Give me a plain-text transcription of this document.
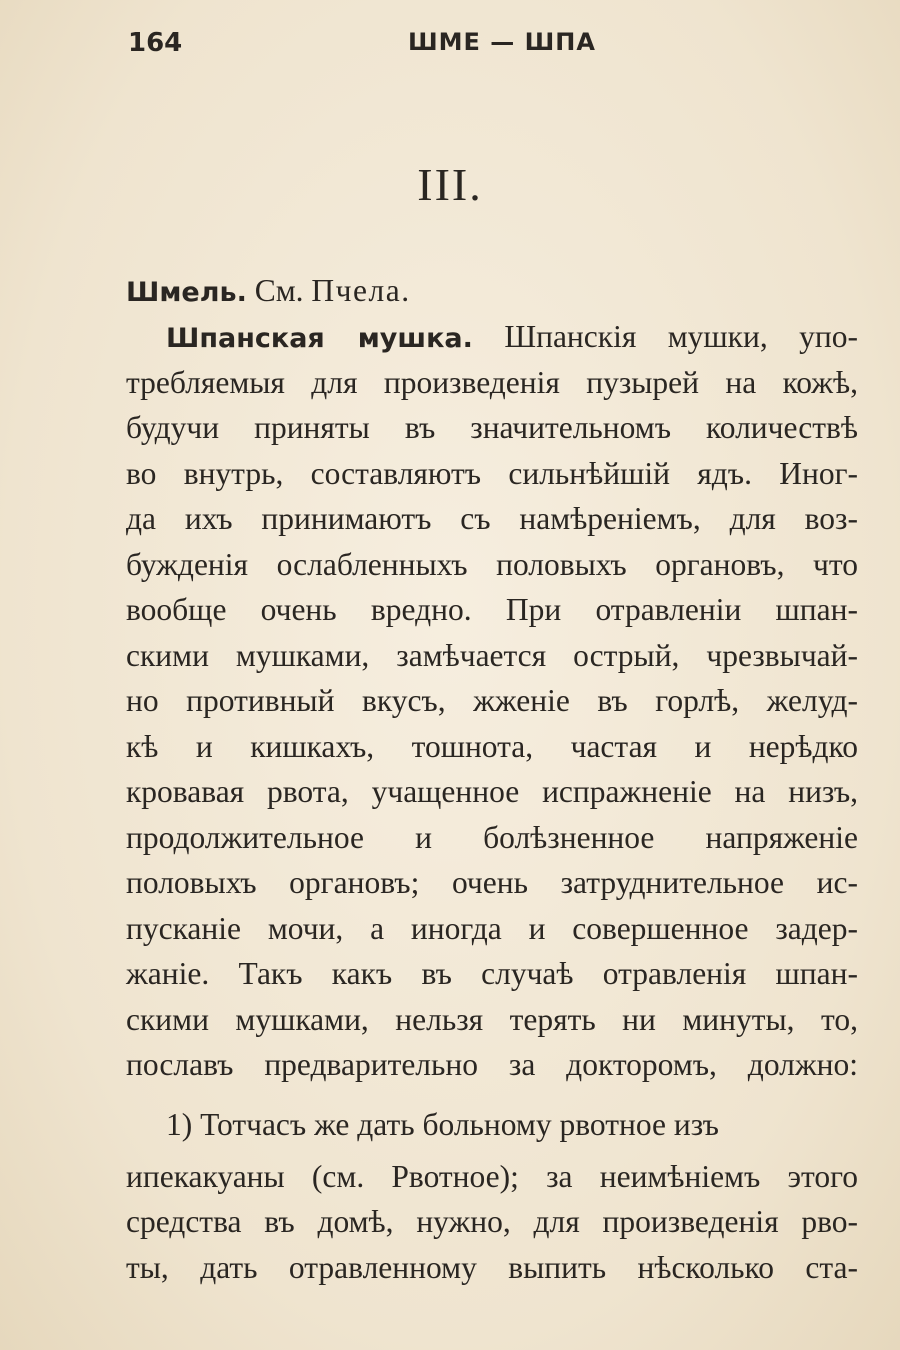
164	ШМЕ — ШПА
III.
Шмель. См. Пчела.
Шпанская мушка. Шпанскія мушки, упо-
требляемыя для произведенія пузырей на кожѣ,
будучи приняты въ значительномъ количествѣ
во внутрь, составляютъ сильнѣйшій ядъ. Иног-
да ихъ принимаютъ съ намѣреніемъ, для воз-
бужденія ослабленныхъ половыхъ органовъ, что
вообще очень вредно. При отравленіи шпан-
скими мушками, замѣчается острый, чрезвычай-
но противный вкусъ, жженіе въ горлѣ, желуд-
кѣ и кишкахъ, тошнота, частая и нерѣдко
кровавая рвота, учащенное испражненіе на низъ,
продолжительное и болѣзненное напряженіе
половыхъ органовъ; очень затруднительное ис-
пусканіе мочи, а иногда и совершенное задер-
жаніе. Такъ какъ въ случаѣ отравленія шпан-
скими мушками, нельзя терять ни минуты, то,
пославъ предварительно за докторомъ, должно:
1) Тотчасъ же дать больному рвотное изъ
ипекакуаны (см. Рвотное); за неимѣніемъ этого
средства въ домѣ, нужно, для произведенія рво-
ты, дать отравленному выпить нѣсколько ста-
